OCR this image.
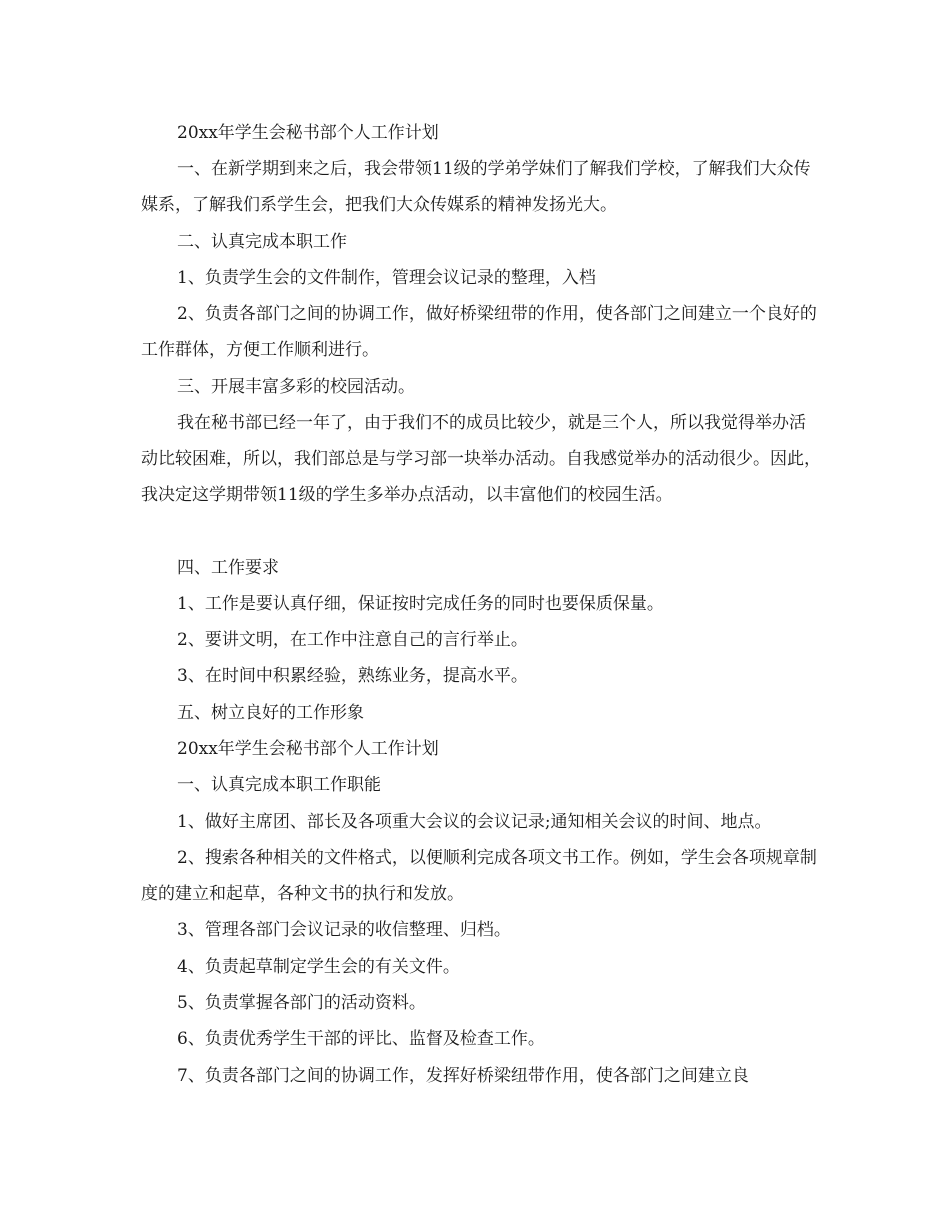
20xx年学生会秘书部个人工作计划

一、在新学期到来之后，我会带领11级的学弟学妹们了解我们学校，了解我们大众传媒系，了解我们系学生会，把我们大众传媒系的精神发扬光大。

二、认真完成本职工作

1、负责学生会的文件制作，管理会议记录的整理，入档

2、负责各部门之间的协调工作，做好桥梁纽带的作用，使各部门之间建立一个良好的工作群体，方便工作顺利进行。

三、开展丰富多彩的校园活动。

我在秘书部已经一年了，由于我们不的成员比较少，就是三个人，所以我觉得举办活动比较困难，所以，我们部总是与学习部一块举办活动。自我感觉举办的活动很少。因此，我决定这学期带领11级的学生多举办点活动，以丰富他们的校园生活。

四、工作要求

1、工作是要认真仔细，保证按时完成任务的同时也要保质保量。

2、要讲文明，在工作中注意自己的言行举止。

3、在时间中积累经验，熟练业务，提高水平。

五、树立良好的工作形象

20xx年学生会秘书部个人工作计划

一、认真完成本职工作职能

1、做好主席团、部长及各项重大会议的会议记录;通知相关会议的时间、地点。

2、搜索各种相关的文件格式，以便顺利完成各项文书工作。例如，学生会各项规章制度的建立和起草，各种文书的执行和发放。

3、管理各部门会议记录的收信整理、归档。

4、负责起草制定学生会的有关文件。

5、负责掌握各部门的活动资料。

6、负责优秀学生干部的评比、监督及检查工作。

7、负责各部门之间的协调工作，发挥好桥梁纽带作用，使各部门之间建立良
